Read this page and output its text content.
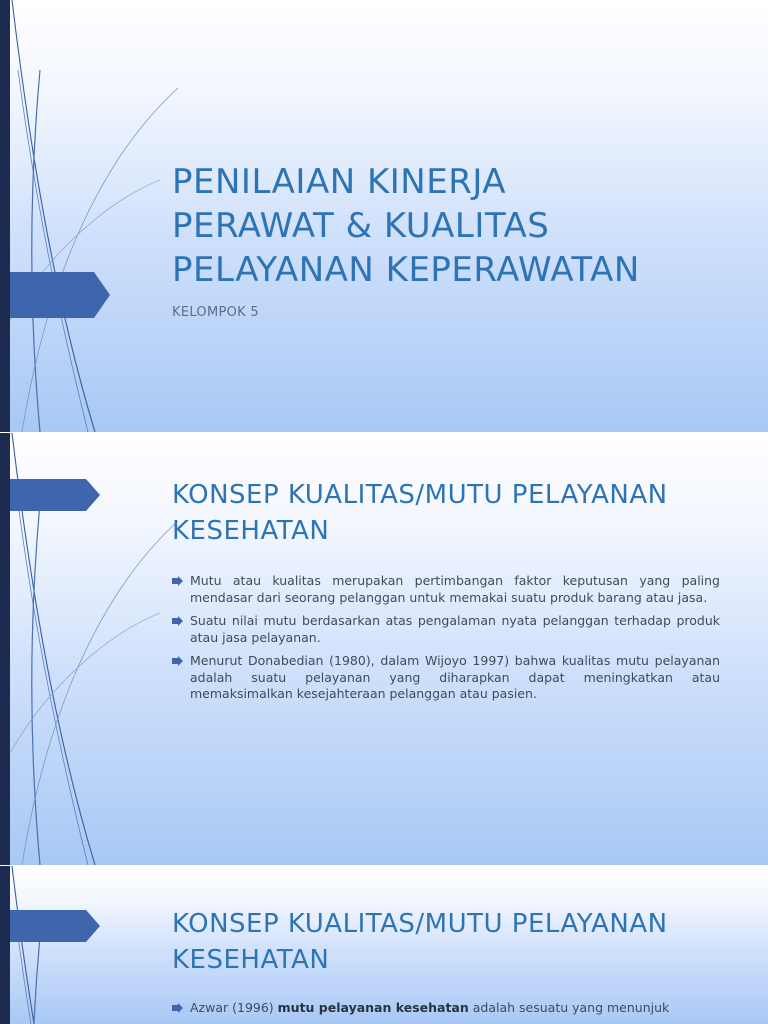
PENILAIAN KINERJA
PERAWAT & KUALITAS
PELAYANAN KEPERAWATAN
KELOMPOK 5
KONSEP KUALITAS/MUTU PELAYANAN
KESEHATAN
Mutu atau kualitas merupakan pertimbangan faktor keputusan yang paling mendasar dari seorang pelanggan untuk memakai suatu produk barang atau jasa.
Suatu nilai mutu berdasarkan atas pengalaman nyata pelanggan terhadap produk atau jasa pelayanan.
Menurut Donabedian (1980), dalam Wijoyo 1997) bahwa kualitas mutu pelayanan adalah suatu pelayanan yang diharapkan dapat meningkatkan atau memaksimalkan kesejahteraan pelanggan atau pasien.
KONSEP KUALITAS/MUTU PELAYANAN
KESEHATAN
Azwar (1996) mutu pelayanan kesehatan adalah sesuatu yang menunjuk
